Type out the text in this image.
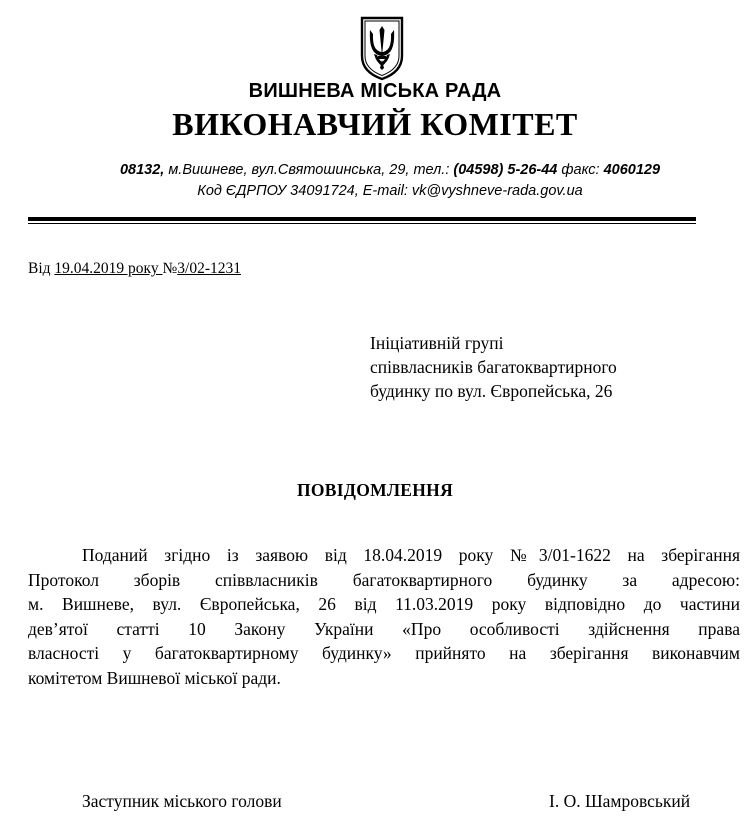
ВИШНЕВА МІСЬКА РАДА
ВИКОНАВЧИЙ КОМІТЕТ
08132, м.Вишневе, вул.Святошинська, 29, тел.: (04598) 5-26-44 факс: 4060129
Код ЄДРПОУ 34091724, E-mail: vk@vyshneve-rada.gov.ua
Від 19.04.2019 року №3/02-1231
Ініціативній групі
співвласників багатоквартирного
будинку по вул. Європейська, 26
ПОВІДОМЛЕННЯ
Поданий згідно із заявою від 18.04.2019 року №3/01-1622 на зберігання
Протокол зборів співвласників багатоквартирного будинку за адресою:
м. Вишневе, вул. Європейська, 26 від 11.03.2019 року відповідно до частини
дев’ятої статті 10 Закону України «Про особливості здійснення права
власності у багатоквартирному будинку» прийнято на зберігання виконавчим
комітетом Вишневої міської ради.
Заступник міського голови	І. О. Шамровський
